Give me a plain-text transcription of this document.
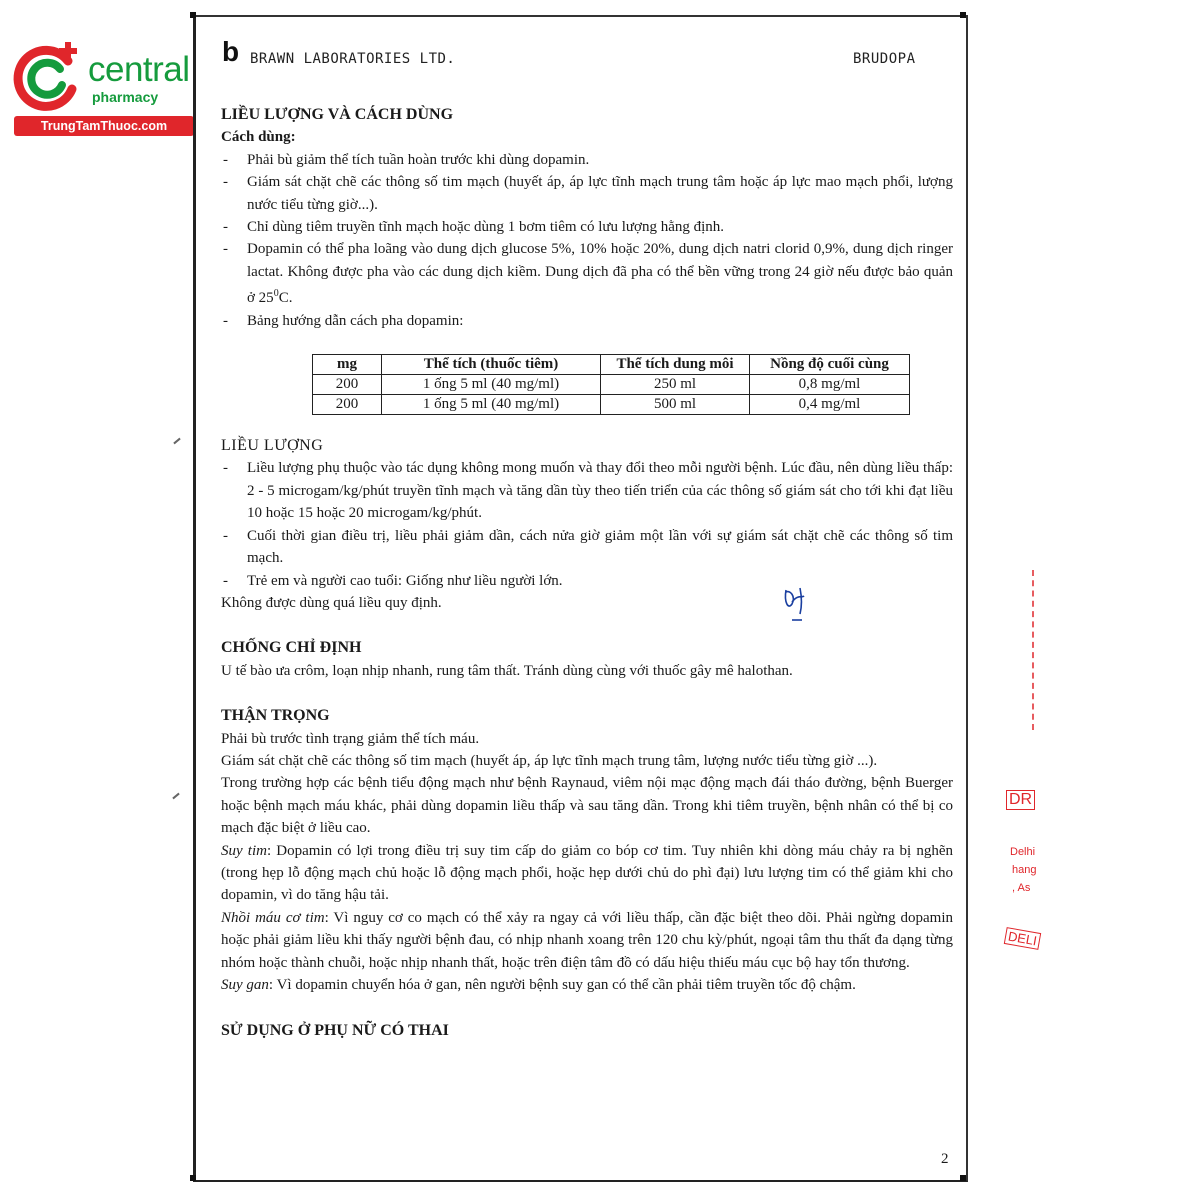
central
pharmacy
TrungTamThuoc.com
b BRAWN LABORATORIES LTD.	BRUDOPA

LIỀU LƯỢNG VÀ CÁCH DÙNG

Cách dùng:

- Phải bù giảm thể tích tuần hoàn trước khi dùng dopamin.
- Giám sát chặt chẽ các thông số tim mạch (huyết áp, áp lực tĩnh mạch trung tâm hoặc áp lực mao mạch phổi, lượng nước tiểu từng giờ...).
- Chỉ dùng tiêm truyền tĩnh mạch hoặc dùng 1 bơm tiêm có lưu lượng hằng định.
- Dopamin có thể pha loãng vào dung dịch glucose 5%, 10% hoặc 20%, dung dịch natri clorid 0,9%, dung dịch ringer lactat. Không được pha vào các dung dịch kiềm. Dung dịch đã pha có thể bền vững trong 24 giờ nếu được bảo quản ở $25^0C$.
- Bảng hướng dẫn cách pha dopamin:
mg	Thể tích (thuốc tiêm)	Thể tích dung môi	Nồng độ cuối cùng
200	1 ống 5 ml (40 mg/ml)	250 ml	0,8 mg/ml
200	1 ống 5 ml (40 mg/ml)	500 ml	0,4 mg/ml

LIỀU LƯỢNG

- Liều lượng phụ thuộc vào tác dụng không mong muốn và thay đổi theo mỗi người bệnh. Lúc đầu, nên dùng liều thấp: 2 - 5 microgam/kg/phút truyền tĩnh mạch và tăng dần tùy theo tiến triển của các thông số giám sát cho tới khi đạt liều 10 hoặc 15 hoặc 20 microgam/kg/phút.
- Cuối thời gian điều trị, liều phải giảm dần, cách nửa giờ giảm một lần với sự giám sát chặt chẽ các thông số tim mạch.
- Trẻ em và người cao tuổi: Giống như liều người lớn.

Không được dùng quá liều quy định.

CHỐNG CHỈ ĐỊNH

U tế bào ưa crôm, loạn nhịp nhanh, rung tâm thất. Tránh dùng cùng với thuốc gây mê halothan.

THẬN TRỌNG

Phải bù trước tình trạng giảm thể tích máu.

Giám sát chặt chẽ các thông số tim mạch (huyết áp, áp lực tĩnh mạch trung tâm, lượng nước tiểu từng giờ ...).

Trong trường hợp các bệnh tiểu động mạch như bệnh Raynaud, viêm nội mạc động mạch đái tháo đường, bệnh Buerger hoặc bệnh mạch máu khác, phải dùng dopamin liều thấp và sau tăng dần. Trong khi tiêm truyền, bệnh nhân có thể bị co mạch đặc biệt ở liều cao.

Suy tim: Dopamin có lợi trong điều trị suy tim cấp do giảm co bóp cơ tim. Tuy nhiên khi dòng máu chảy ra bị nghẽn (trong hẹp lỗ động mạch chủ hoặc lỗ động mạch phổi, hoặc hẹp dưới chủ do phì đại) lưu lượng tim có thể giảm khi cho dopamin, vì do tăng hậu tải.

Nhồi máu cơ tim: Vì nguy cơ co mạch có thể xảy ra ngay cả với liều thấp, cần đặc biệt theo dõi. Phải ngừng dopamin hoặc phải giảm liều khi thấy người bệnh đau, có nhịp nhanh xoang trên 120 chu kỳ/phút, ngoại tâm thu thất đa dạng từng nhóm hoặc thành chuỗi, hoặc nhịp nhanh thất, hoặc trên điện tâm đồ có dấu hiệu thiếu máu cục bộ hay tổn thương.

Suy gan: Vì dopamin chuyển hóa ở gan, nên người bệnh suy gan có thể cần phải tiêm truyền tốc độ chậm.

SỬ DỤNG Ở PHỤ NỮ CÓ THAI

DR
Delhi
hang
, As
DELI
2
